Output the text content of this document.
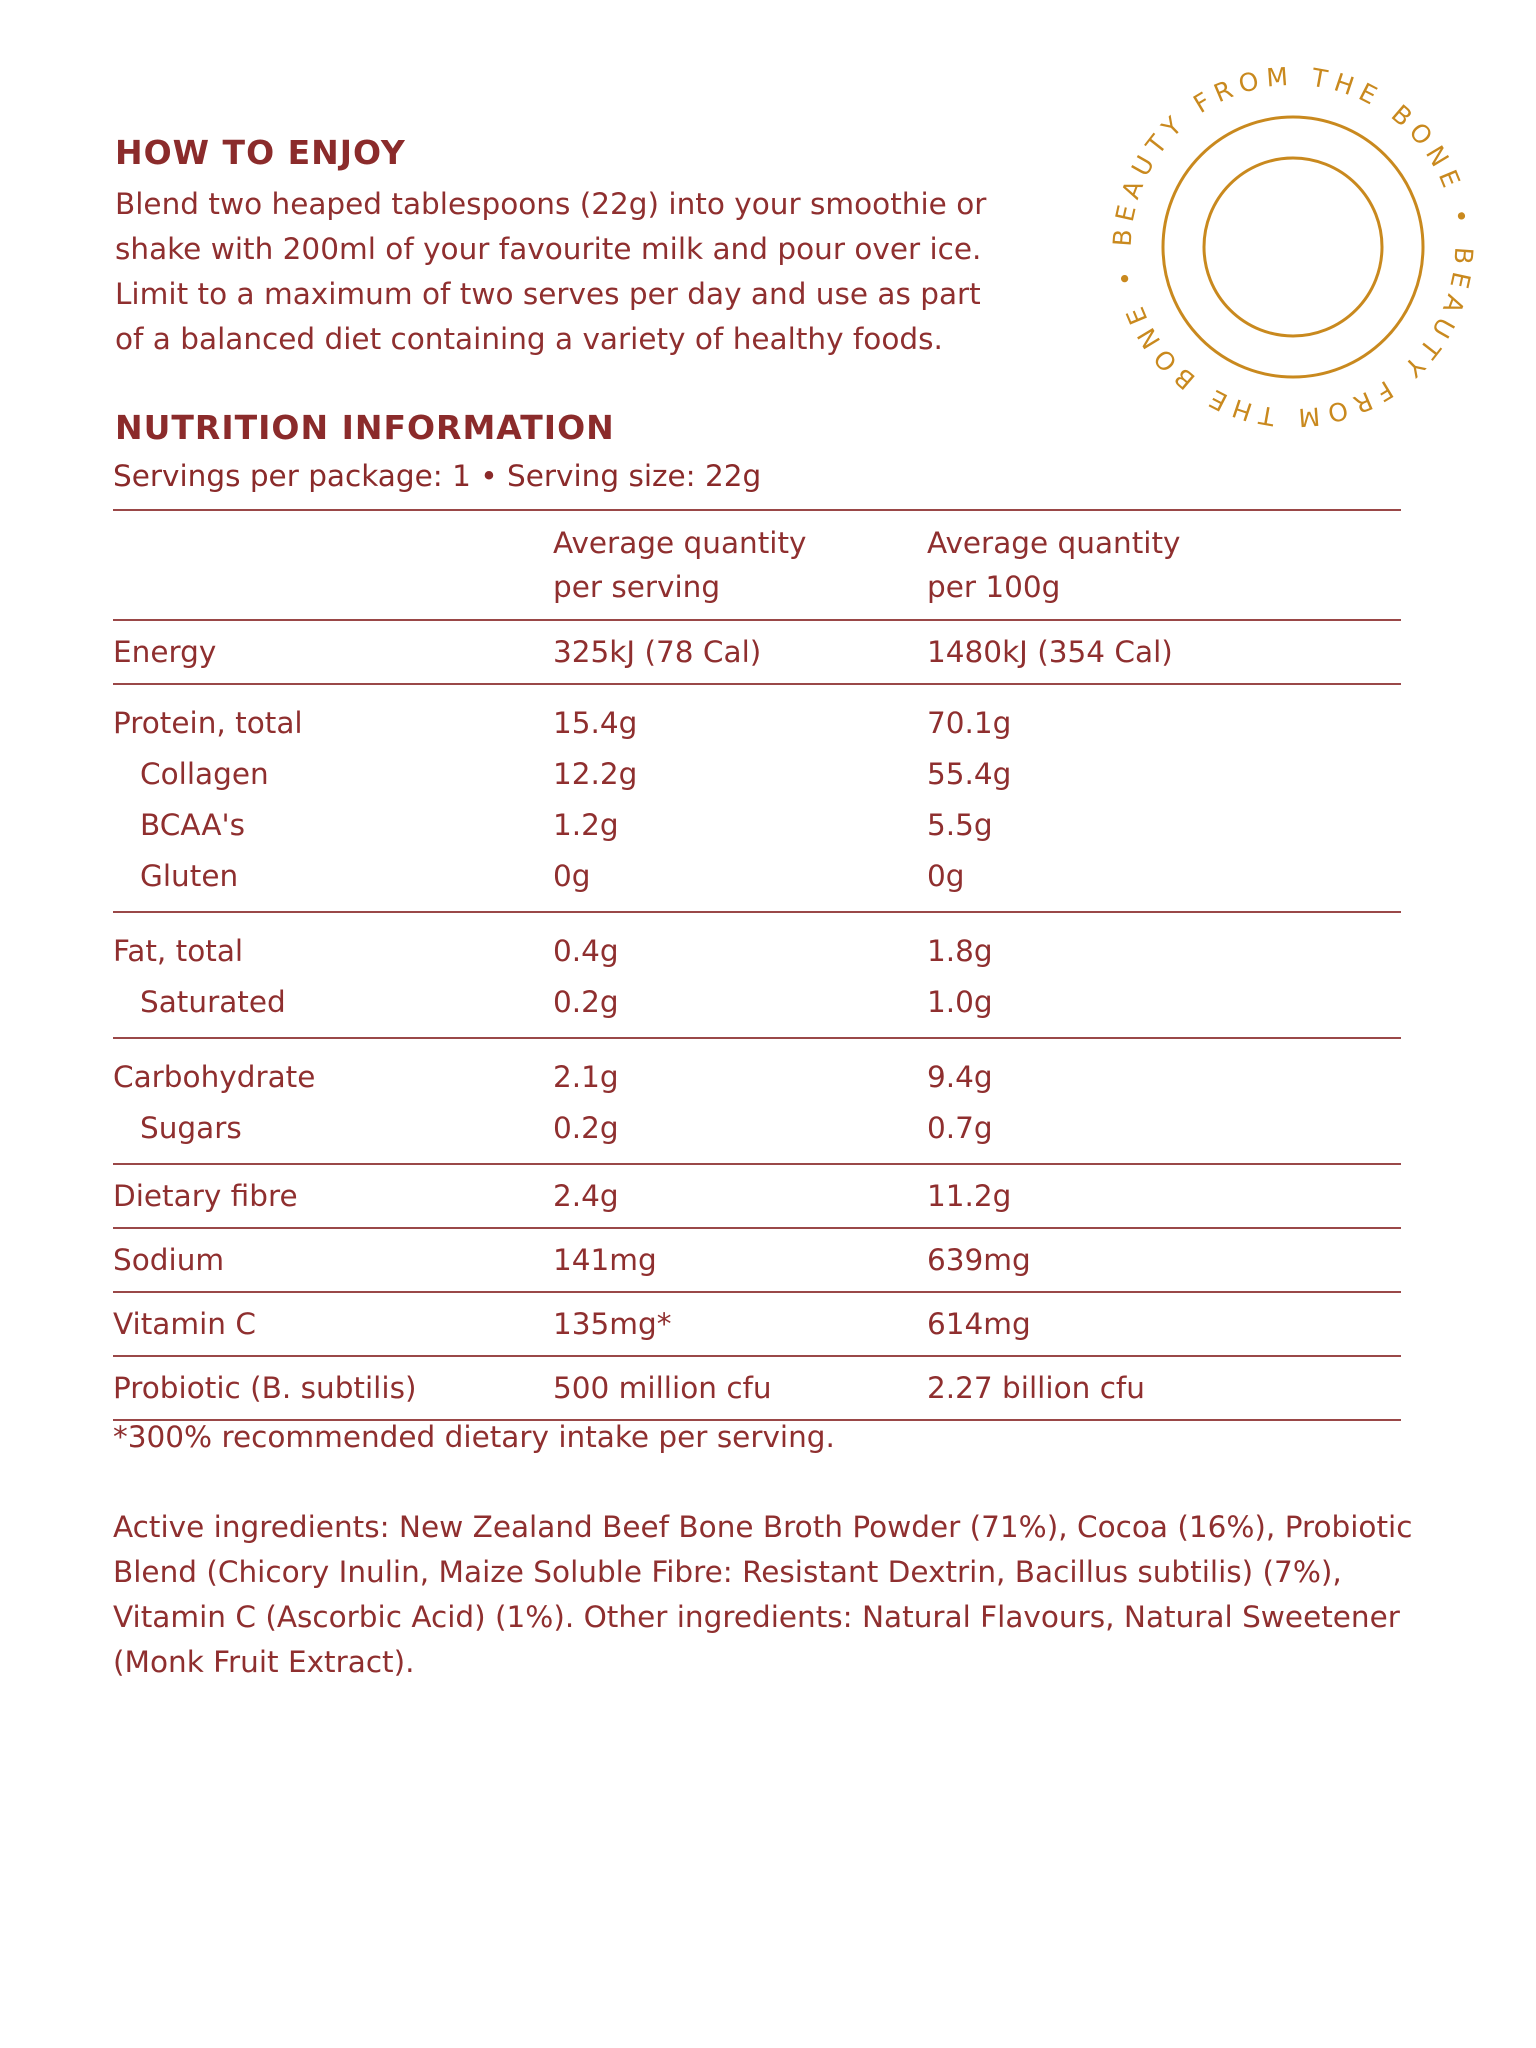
HOW TO ENJOY

Blend two heaped tablespoons (22g) into your smoothie or shake with 200ml of your favourite milk and pour over ice. Limit to a maximum of two serves per day and use as part of a balanced diet containing a variety of healthy foods.

BEAUTY FROM THE BONE • BEAUTY FROM THE BONE •
NUTRITION INFORMATION

Servings per package: 1 • Serving size: 22g

	Average quantity
per serving	Average quantity
per 100g
Energy	325kJ (78 Cal)	1480kJ (354 Cal)
Protein, total	15.4g	70.1g
Collagen	12.2g	55.4g
BCAA's	1.2g	5.5g
Gluten	0g	0g
Fat, total	0.4g	1.8g
Saturated	0.2g	1.0g
Carbohydrate	2.1g	9.4g
Sugars	0.2g	0.7g
Dietary fibre	2.4g	11.2g
Sodium	141mg	639mg
Vitamin C	135mg*	614mg
Probiotic (B. subtilis)	500 million cfu	2.27 billion cfu

*300% recommended dietary intake per serving.

Active ingredients: New Zealand Beef Bone Broth Powder (71%), Cocoa (16%), Probiotic Blend (Chicory Inulin, Maize Soluble Fibre: Resistant Dextrin, Bacillus subtilis) (7%), Vitamin C (Ascorbic Acid) (1%). Other ingredients: Natural Flavours, Natural Sweetener (Monk Fruit Extract).
